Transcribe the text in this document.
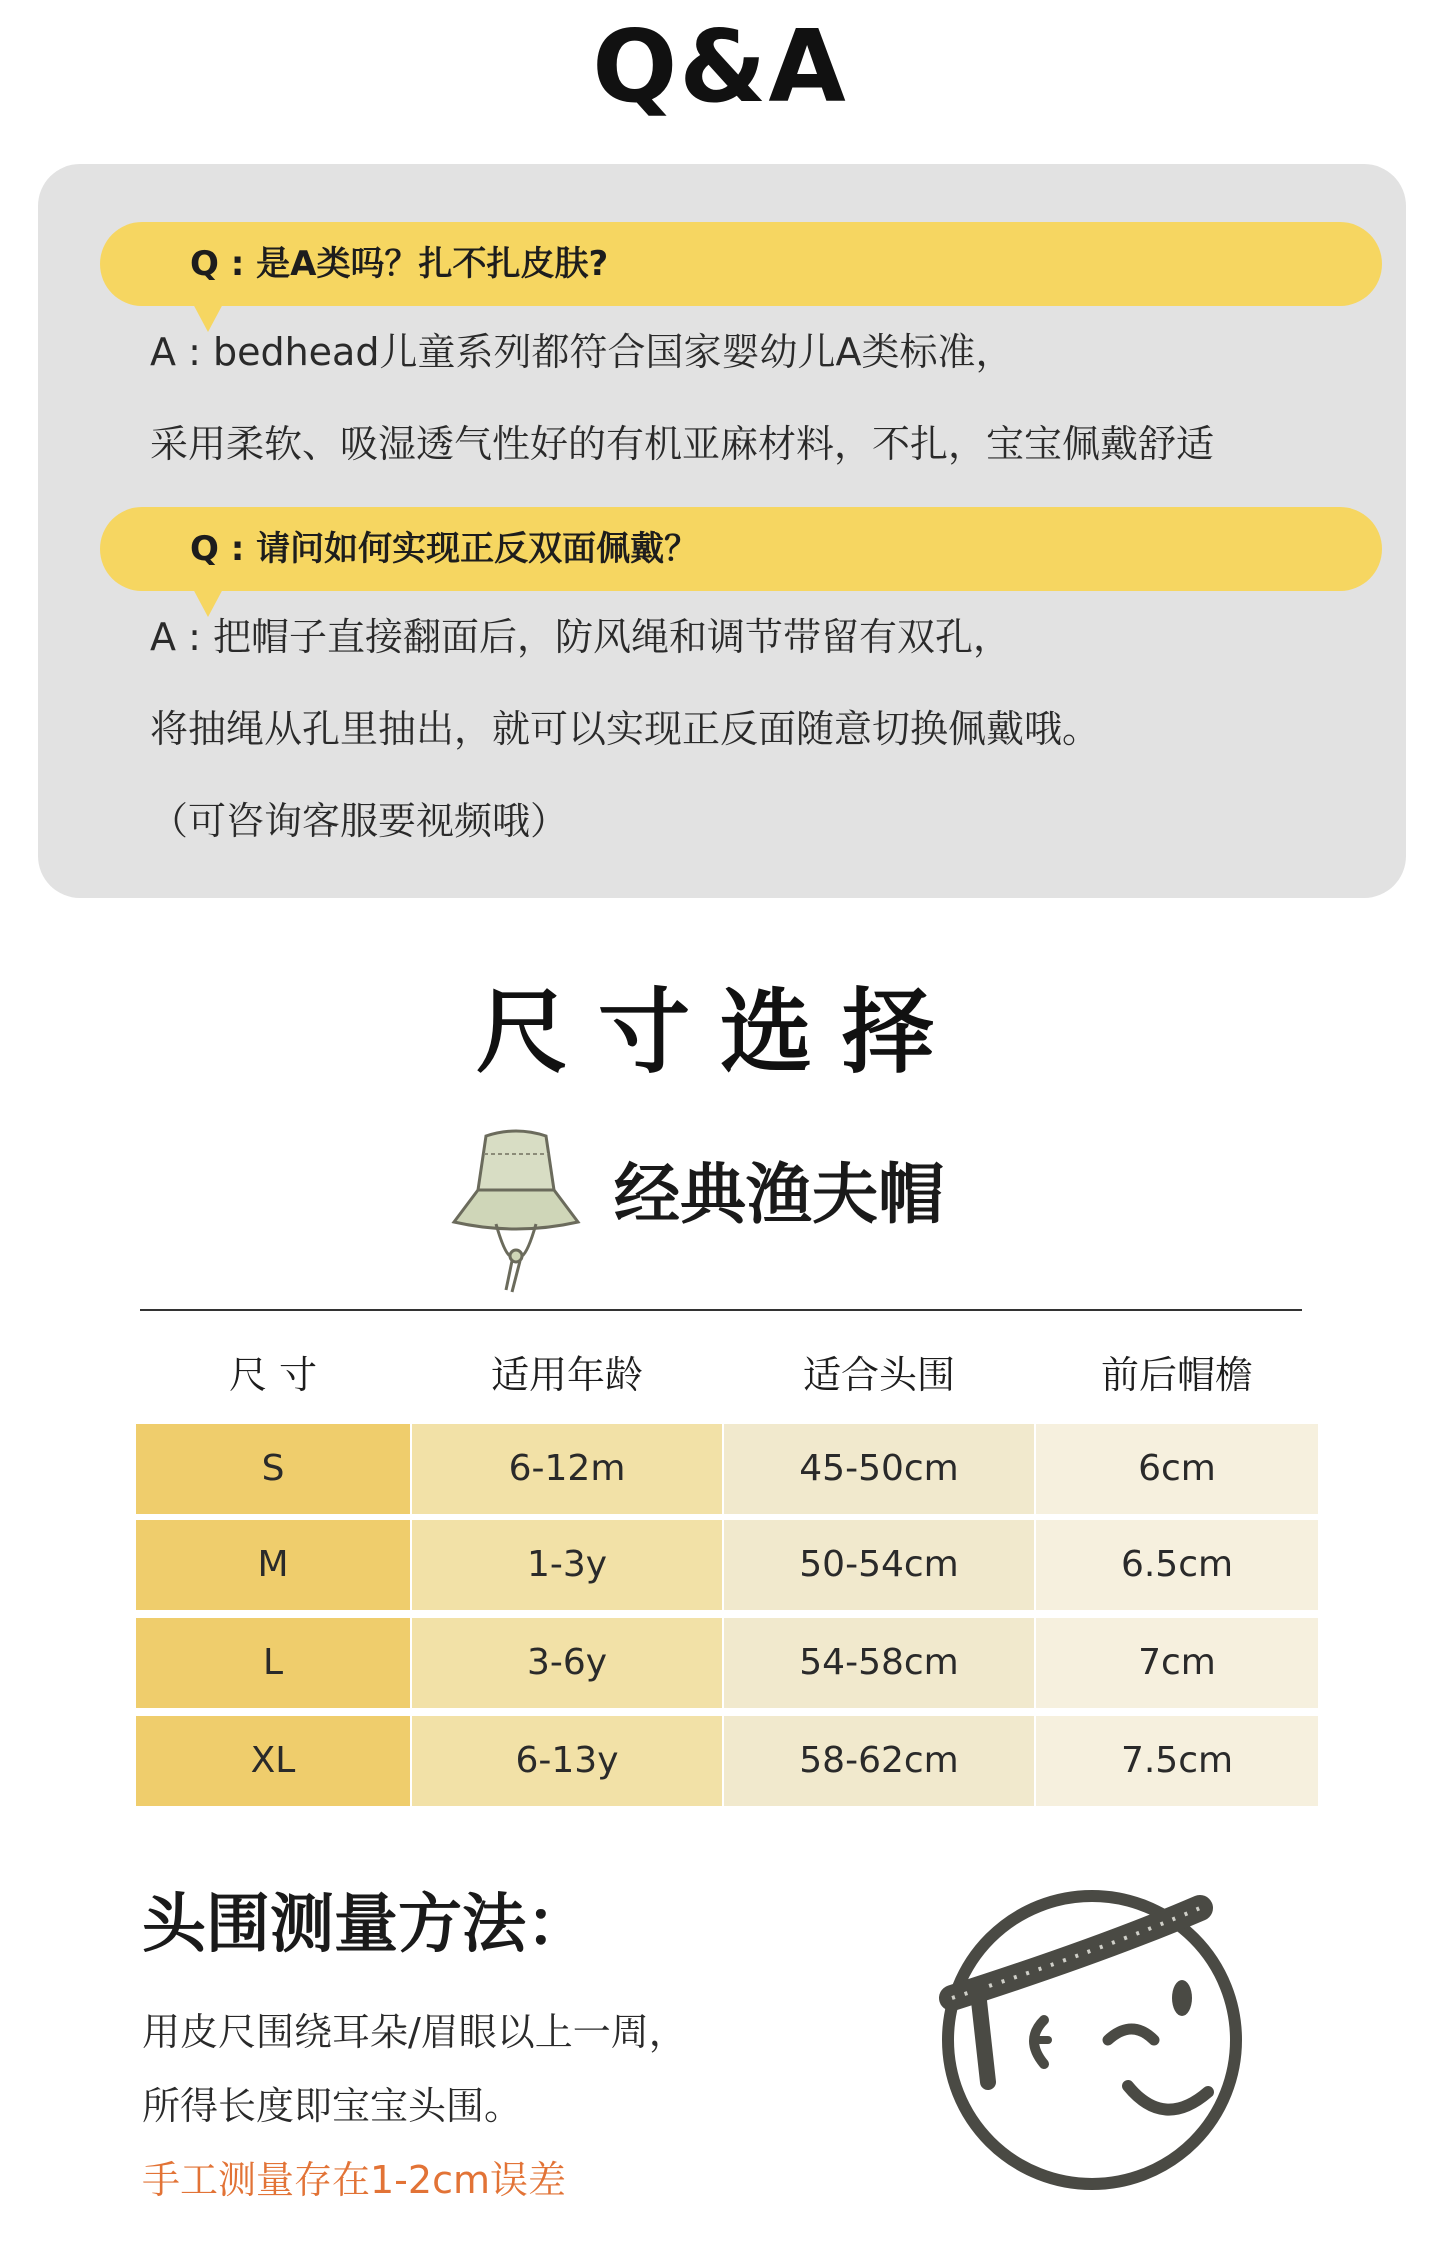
Q&A
Q : 是A类吗？扎不扎皮肤?
A : bedhead儿童系列都符合国家婴幼儿A类标准，
采用柔软、吸湿透气性好的有机亚麻材料，不扎，宝宝佩戴舒适
Q : 请问如何实现正反双面佩戴？
A : 把帽子直接翻面后，防风绳和调节带留有双孔，
将抽绳从孔里抽出，就可以实现正反面随意切换佩戴哦。
（可咨询客服要视频哦）
尺寸选择
经典渔夫帽
尺 寸	适用年龄	适合头围	前后帽檐
S	6-12m	45-50cm	6cm
M	1-3y	50-54cm	6.5cm
L	3-6y	54-58cm	7cm
XL	6-13y	58-62cm	7.5cm
头围测量方法：
用皮尺围绕耳朵/眉眼以上一周，
所得长度即宝宝头围。
手工测量存在1-2cm误差
